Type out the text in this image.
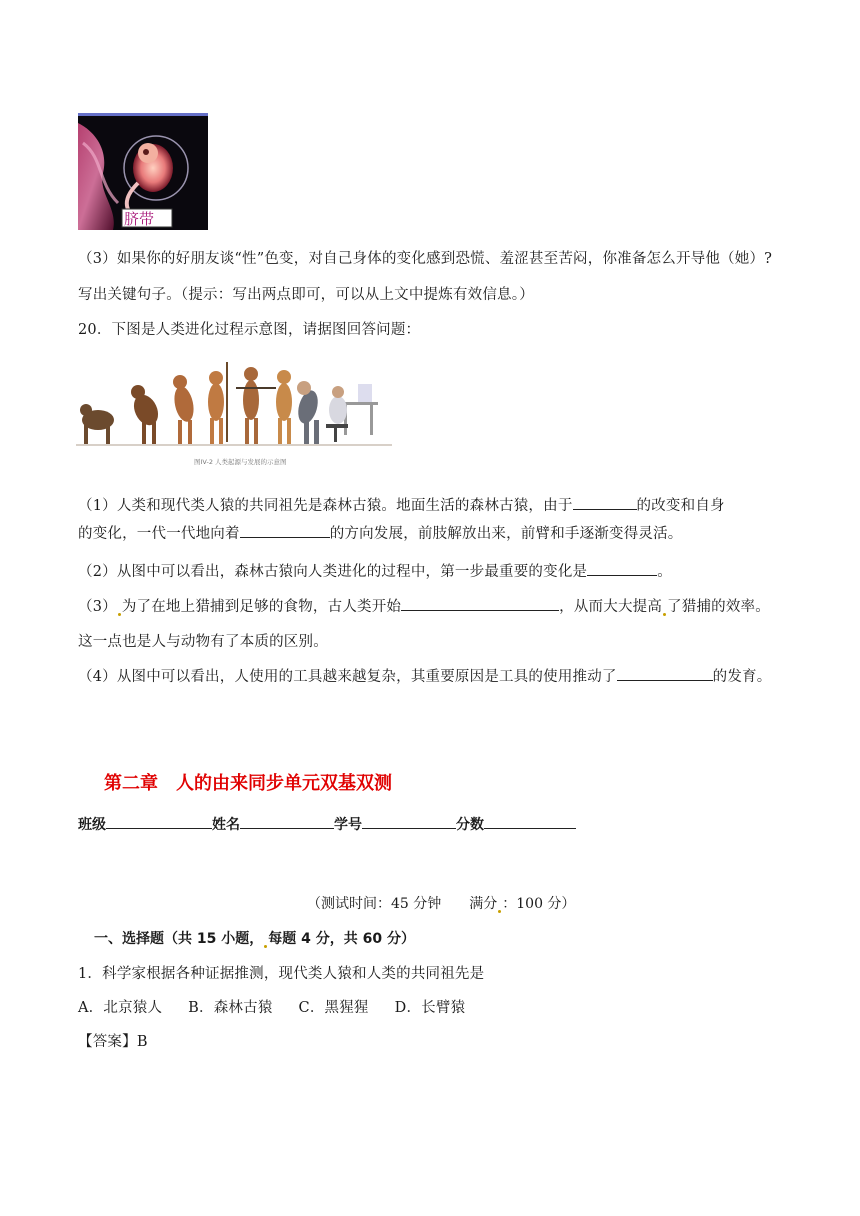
脐带
（3）如果你的好朋友谈“性”色变，对自己身体的变化感到恐慌、羞涩甚至苦闷，你准备怎么开导他（她）?
写出关键句子。（提示：写出两点即可，可以从上文中提炼有效信息。）
20．下图是人类进化过程示意图，请据图回答问题：
图IV-2 人类起源与发展的示意图
（1）人类和现代类人猿的共同祖先是森林古猿。地面生活的森林古猿，由于	的改变和自身
的变化，一代一代地向着	的方向发展，前肢解放出来，前臂和手逐渐变得灵活。
（2）从图中可以看出，森林古猿向人类进化的过程中，第一步最重要的变化是	。
（3） 为了在地上猎捕到足够的食物，古人类开始	，从而大大提高 了猎捕的效率。
这一点也是人与动物有了本质的区别。
（4）从图中可以看出，人使用的工具越来越复杂，其重要原因是工具的使用推动了	的发育。
第二章　人的由来同步单元双基双测
班级	姓名	学号	分数
（测试时间：45 分钟　　满分 ：100 分）
一、选择题（共 15 小题， 每题 4 分，共 60 分）
1．科学家根据各种证据推测，现代类人猿和人类的共同祖先是
A．北京猿人 B．森林古猿 C．黑猩猩 D．长臂猿
【答案】B
